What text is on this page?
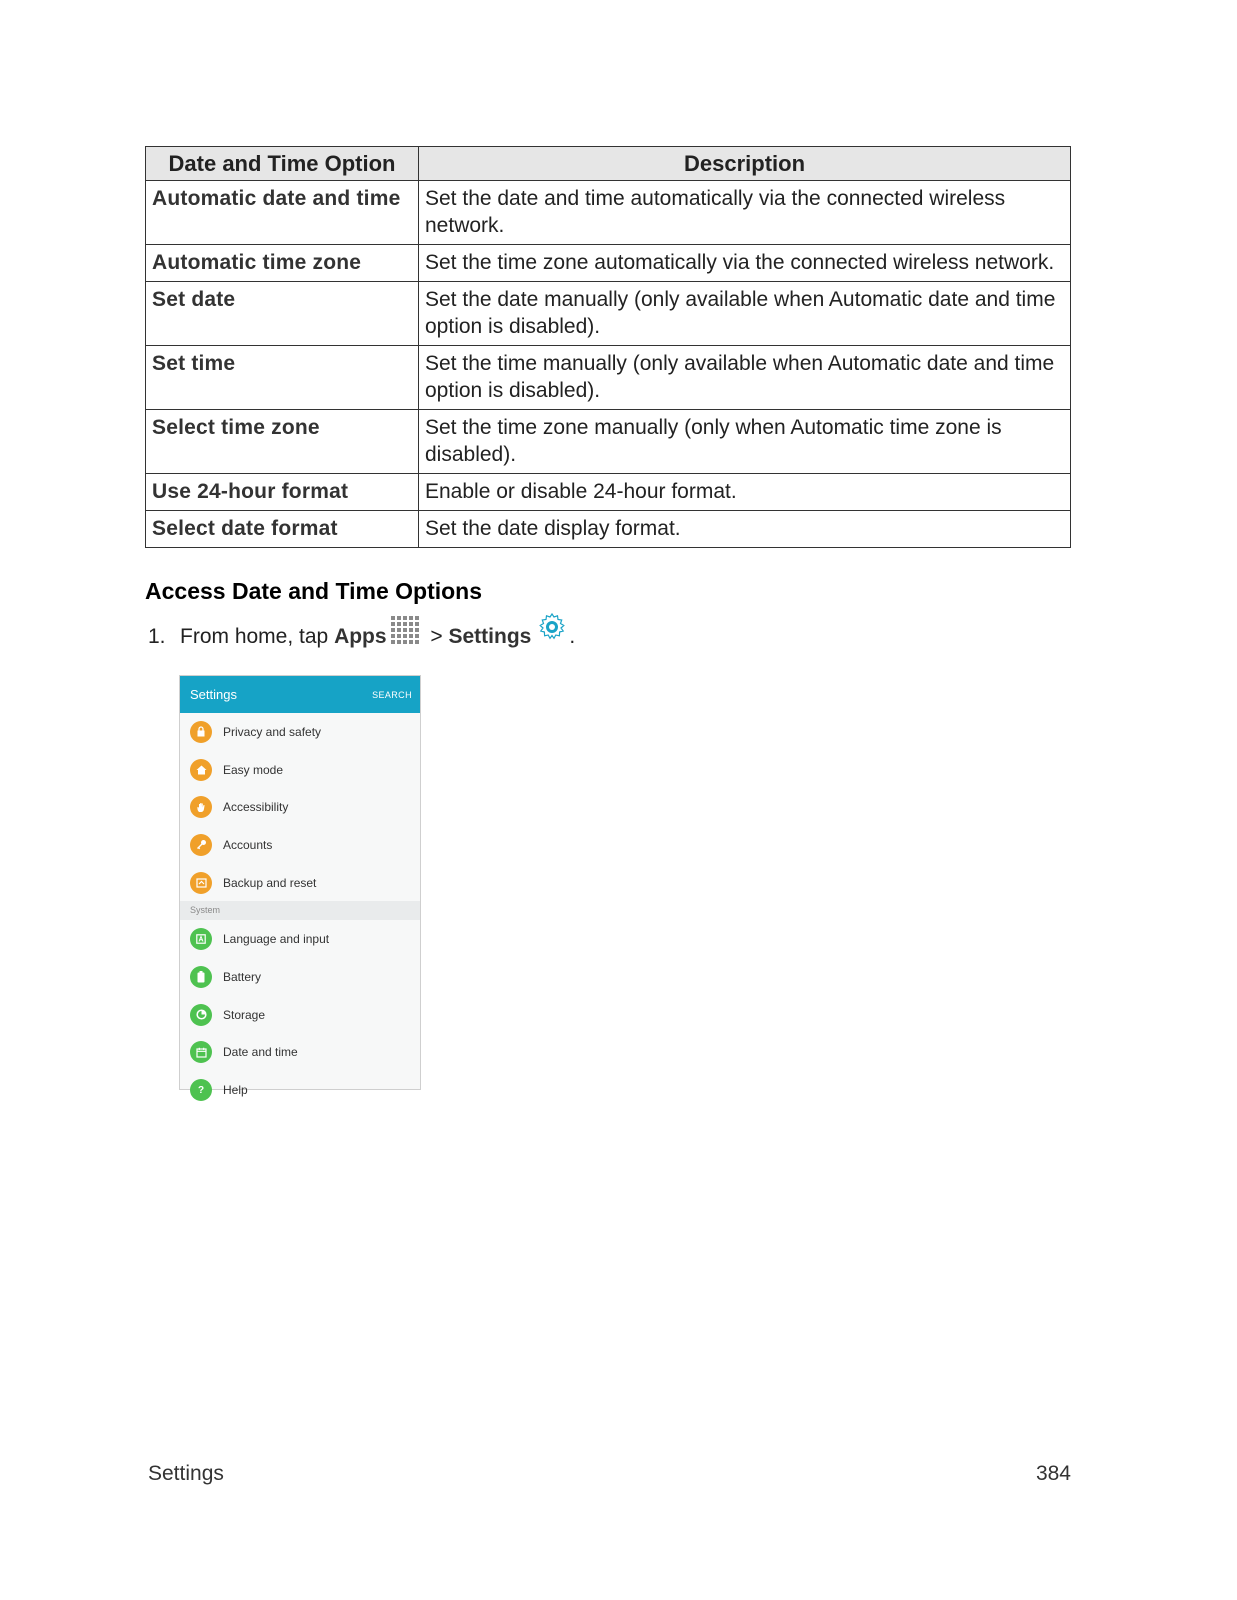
Date and Time Option	Description
Automatic date and time	Set the date and time automatically via the connected wireless network.
Automatic time zone	Set the time zone automatically via the connected wireless network.
Set date	Set the date manually (only available when Automatic date and time option is disabled).
Set time	Set the time manually (only available when Automatic date and time option is disabled).
Select time zone	Set the time zone manually (only when Automatic time zone is disabled).
Use 24-hour format	Enable or disable 24-hour format.
Select date format	Set the date display format.
Access Date and Time Options
1. From home, tap Apps > Settings .
Settings	SEARCH
Privacy and safety
Easy mode
Accessibility
Accounts
Backup and reset
System
Language and input
Battery
Storage
Date and time
?	Help
Settings	384
